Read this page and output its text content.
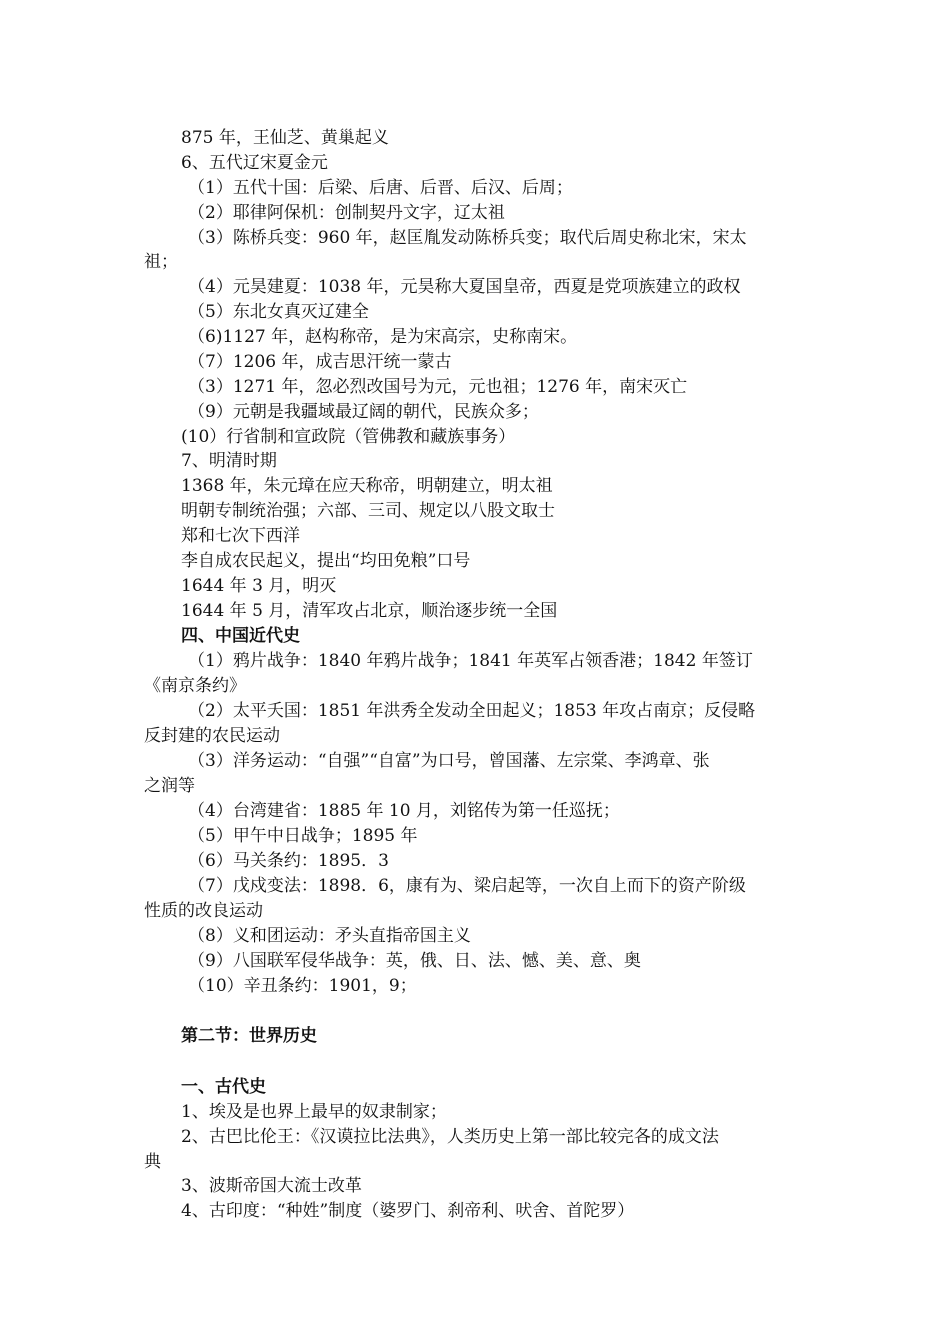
875 年，王仙芝、黄巢起义
6、五代辽宋夏金元
（1）五代十国：后梁、后唐、后晋、后汉、后周；
（2）耶律阿保机：创制契丹文字，辽太祖
（3）陈桥兵变：960 年，赵匡胤发动陈桥兵变；取代后周史称北宋，宋太
祖；
（4）元昊建夏：1038 年，元昊称大夏国皇帝，西夏是党项族建立的政权
（5）东北女真灭辽建全
（6)1127 年，赵构称帝，是为宋高宗，史称南宋。
（7）1206 年，成吉思汗统一蒙古
（3）1271 年，忽必烈改国号为元，元也祖；1276 年，南宋灭亡
（9）元朝是我疆域最辽阔的朝代，民族众多；
(10）行省制和宣政院（管佛教和藏族事务）
7、明清时期
1368 年，朱元璋在应天称帝，明朝建立，明太祖
明朝专制统治强；六部、三司、规定以八股文取士
郑和七次下西洋
李自成农民起义，提出“均田免粮”口号
1644 年 3 月，明灭
1644 年 5 月，清军攻占北京，顺治逐步统一全国
四、中国近代史
（1）鸦片战争：1840 年鸦片战争；1841 年英军占领香港；1842 年签订
《南京条约》
（2）太平夭国：1851 年洪秀全发动全田起义；1853 年攻占南京；反侵略
反封建的农民运动
（3）洋务运动：“自强”“自富”为口号，曾国藩、左宗棠、李鸿章、张
之润等
（4）台湾建省：1885 年 10 月，刘铭传为第一任巡抚；
（5）甲午中日战争；1895 年
（6）马关条约：1895．3
（7）戊戍变法：1898．6，康有为、梁启起等，一次自上而下的资产阶级
性质的改良运动
（8）义和团运动：矛头直指帝国主义
（9）八国联军侵华战争：英，俄、日、法、憾、美、意、奥
（10）辛丑条约：1901，9；
第二节：世界历史
一、古代史
1、埃及是也界上最早的奴隶制家；
2、古巴比伦王：《汉谟拉比法典》，人类历史上第一部比较完各的成文法
典
3、波斯帝国大流士改革
4、古印度：“种姓”制度（婆罗门、刹帝利、吠舍、首陀罗）
